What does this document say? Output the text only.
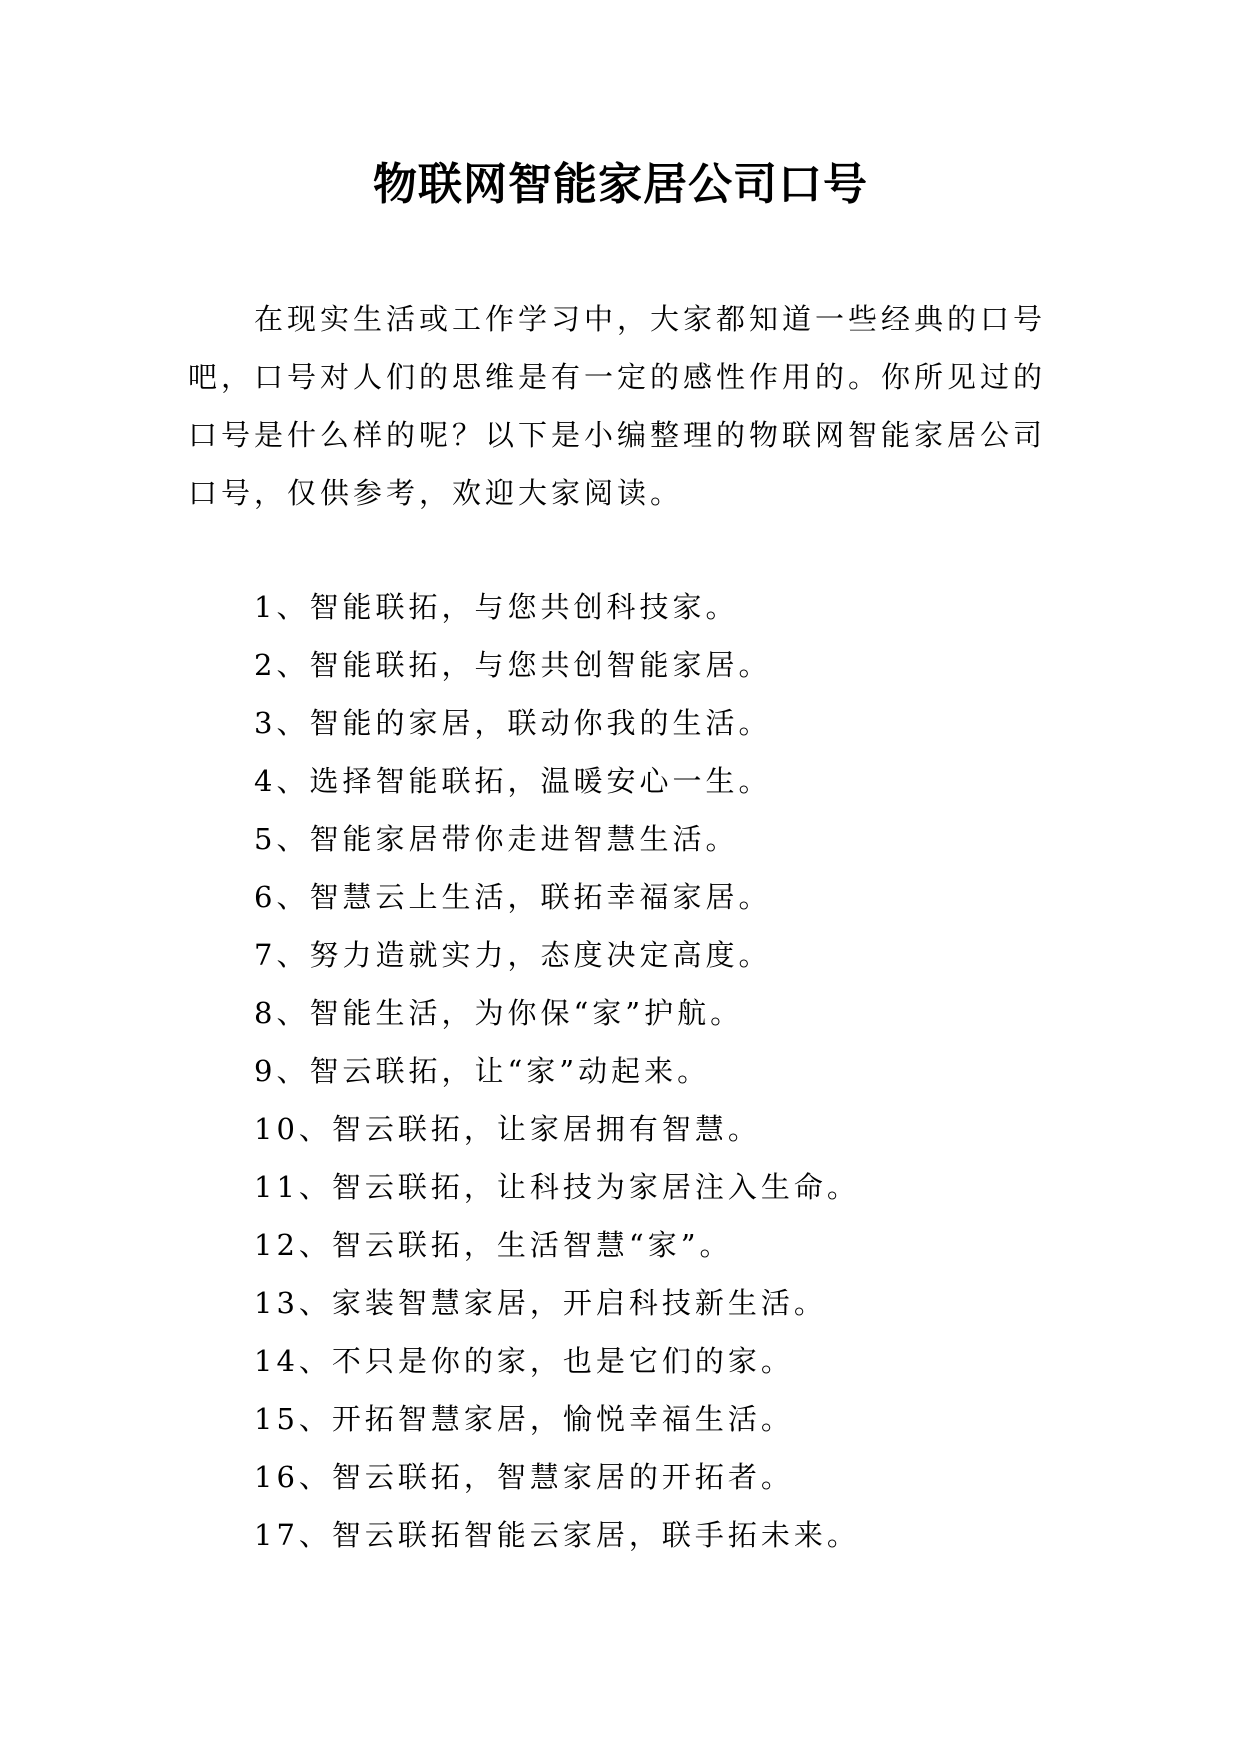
物联网智能家居公司口号

在现实生活或工作学习中，大家都知道一些经典的口号吧，口号对人们的思维是有一定的感性作用的。你所见过的口号是什么样的呢？以下是小编整理的物联网智能家居公司口号，仅供参考，欢迎大家阅读。

1、智能联拓，与您共创科技家。
2、智能联拓，与您共创智能家居。
3、智能的家居，联动你我的生活。
4、选择智能联拓，温暖安心一生。
5、智能家居带你走进智慧生活。
6、智慧云上生活，联拓幸福家居。
7、努力造就实力，态度决定高度。
8、智能生活，为你保“家”护航。
9、智云联拓，让“家”动起来。
10、智云联拓，让家居拥有智慧。
11、智云联拓，让科技为家居注入生命。
12、智云联拓，生活智慧“家”。
13、家装智慧家居，开启科技新生活。
14、不只是你的家，也是它们的家。
15、开拓智慧家居，愉悦幸福生活。
16、智云联拓，智慧家居的开拓者。
17、智云联拓智能云家居，联手拓未来。
